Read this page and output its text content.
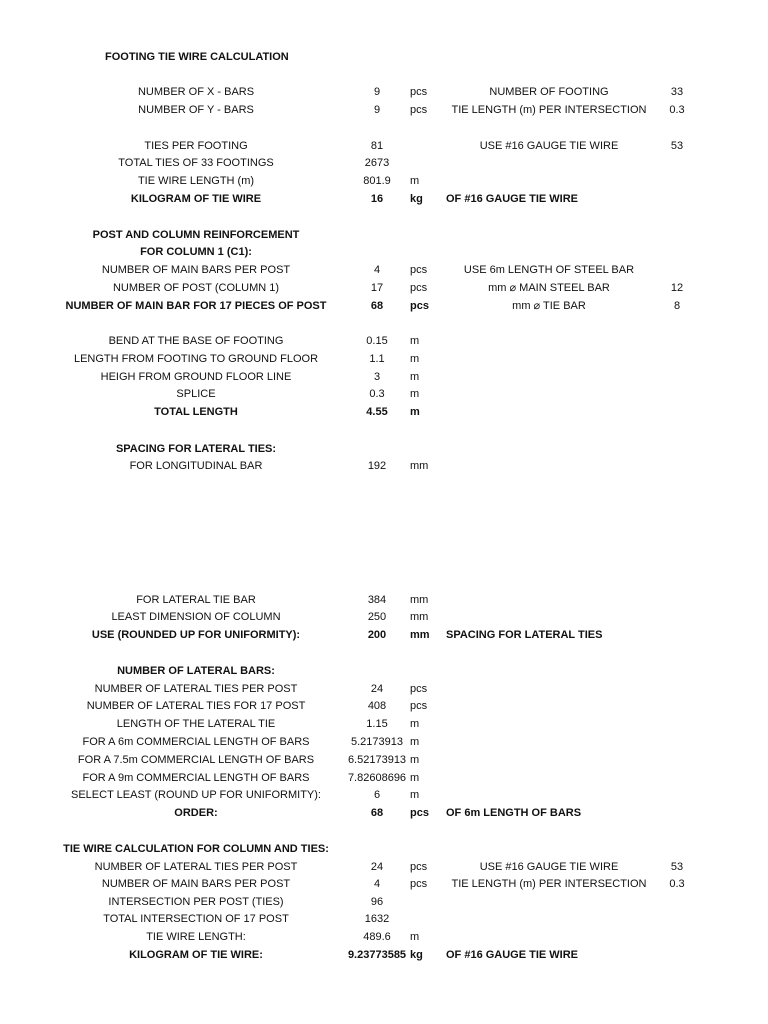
FOOTING TIE WIRE CALCULATION
NUMBER OF X - BARS	9	pcs	NUMBER OF FOOTING	33
NUMBER OF Y - BARS	9	pcs	TIE LENGTH (m) PER INTERSECTION	0.3
TIES PER FOOTING	81	USE #16 GAUGE TIE WIRE	53
TOTAL TIES OF 33 FOOTINGS	2673
TIE WIRE LENGTH (m)	801.9	m
KILOGRAM OF TIE WIRE	16	kg	OF #16 GAUGE TIE WIRE
POST AND COLUMN REINFORCEMENT
FOR COLUMN 1 (C1):
NUMBER OF MAIN BARS PER POST	4	pcs	USE 6m LENGTH OF STEEL BAR
NUMBER OF POST (COLUMN 1)	17	pcs	mm ⌀ MAIN STEEL BAR	12
NUMBER OF MAIN BAR FOR 17 PIECES OF POST	68	pcs	mm ⌀ TIE BAR	8
BEND AT THE BASE OF FOOTING	0.15	m
LENGTH FROM FOOTING TO GROUND FLOOR	1.1	m
HEIGH FROM GROUND FLOOR LINE	3	m
SPLICE	0.3	m
TOTAL LENGTH	4.55	m
SPACING FOR LATERAL TIES:
FOR LONGITUDINAL BAR	192	mm
FOR LATERAL TIE BAR	384	mm
LEAST DIMENSION OF COLUMN	250	mm
USE (ROUNDED UP FOR UNIFORMITY):	200	mm	SPACING FOR LATERAL TIES
NUMBER OF LATERAL BARS:
NUMBER OF LATERAL TIES PER POST	24	pcs
NUMBER OF LATERAL TIES FOR 17 POST	408	pcs
LENGTH OF THE LATERAL TIE	1.15	m
FOR A 6m COMMERCIAL LENGTH OF BARS	5.2173913 m
FOR A 7.5m COMMERCIAL LENGTH OF BARS	6.52173913 m
FOR A 9m COMMERCIAL LENGTH OF BARS	7.82608696 m
SELECT LEAST (ROUND UP FOR UNIFORMITY):	6	m
ORDER:	68	pcs	OF 6m LENGTH OF BARS
TIE WIRE CALCULATION FOR COLUMN AND TIES:
NUMBER OF LATERAL TIES PER POST	24	pcs	USE #16 GAUGE TIE WIRE	53
NUMBER OF MAIN BARS PER POST	4	pcs	TIE LENGTH (m) PER INTERSECTION	0.3
INTERSECTION PER POST (TIES)	96
TOTAL INTERSECTION OF 17 POST	1632
TIE WIRE LENGTH:	489.6	m
KILOGRAM OF TIE WIRE:	9.23773585 kg	OF #16 GAUGE TIE WIRE
